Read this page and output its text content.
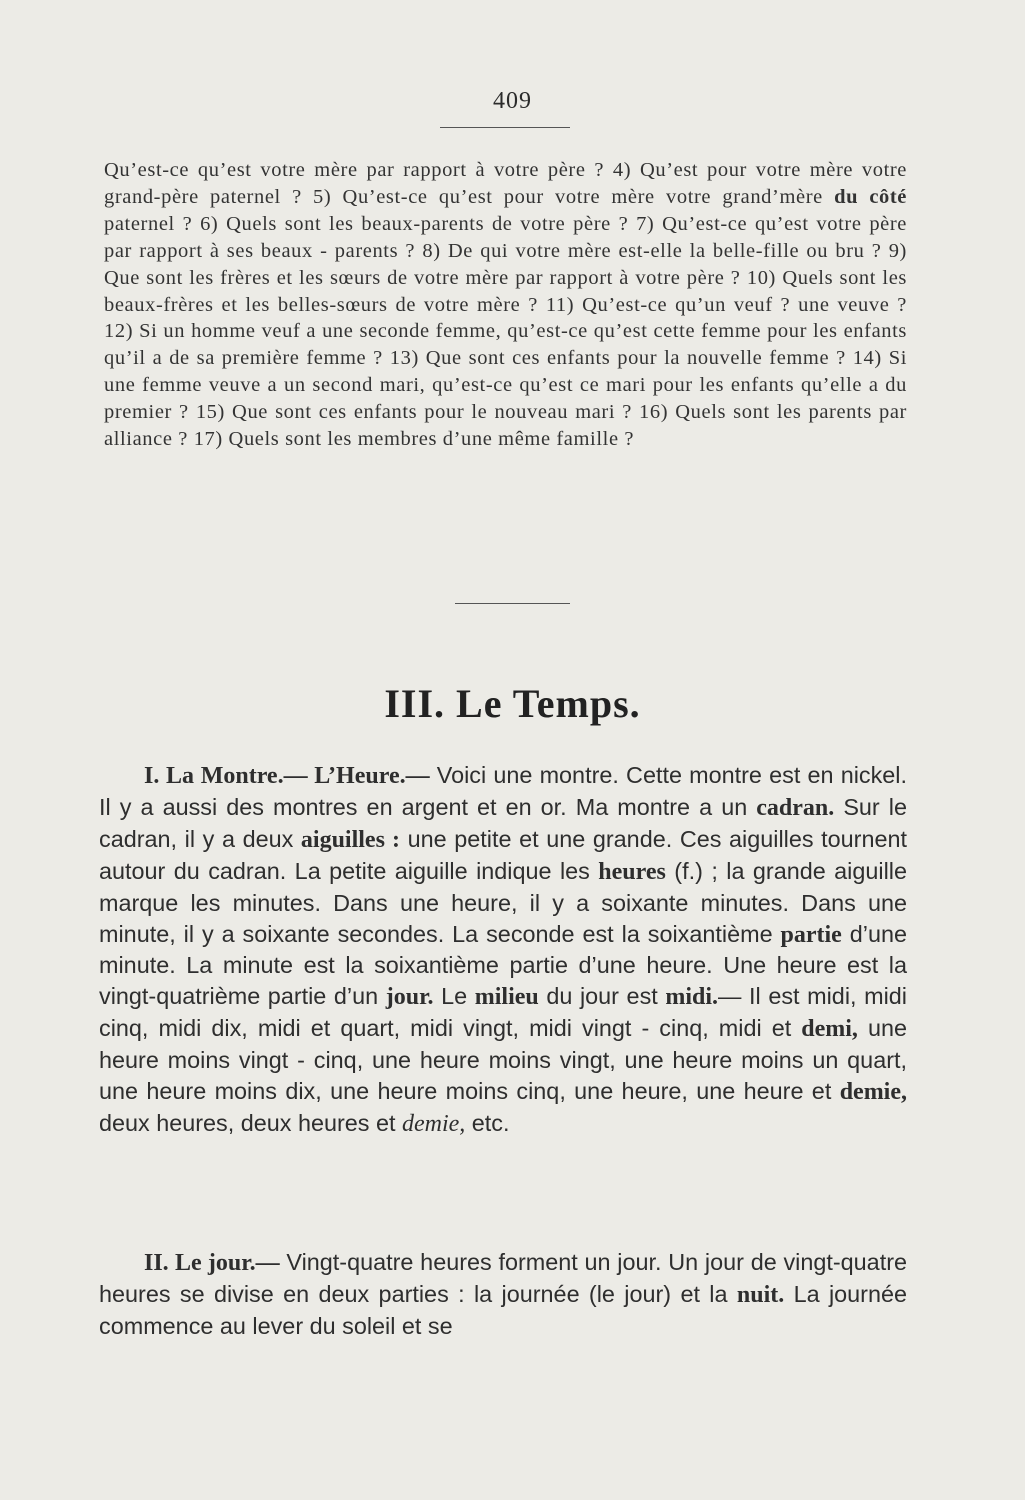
409

Qu’est-ce qu’est votre mère par rapport à votre père ? 4) Qu’est pour votre mère votre grand-père paternel ? 5) Qu’est-ce qu’est pour votre mère votre grand’mère du côté paternel ? 6) Quels sont les beaux-parents de votre père ? 7) Qu’est-ce qu’est votre père par rapport à ses beaux - parents ? 8) De qui votre mère est-elle la belle-fille ou bru ? 9) Que sont les frères et les sœurs de votre mère par rapport à votre père ? 10) Quels sont les beaux-frères et les belles-sœurs de votre mère ? 11) Qu’est-ce qu’un veuf ? une veuve ? 12) Si un homme veuf a une seconde femme, qu’est-ce qu’est cette femme pour les enfants qu’il a de sa première femme ? 13) Que sont ces enfants pour la nouvelle femme ? 14) Si une femme veuve a un second mari, qu’est-ce qu’est ce mari pour les enfants qu’elle a du premier ? 15) Que sont ces enfants pour le nouveau mari ? 16) Quels sont les parents par alliance ? 17) Quels sont les membres d’une même famille ?

III. Le Temps.

I. La Montre.— L’Heure.— Voici une montre. Cette montre est en nickel. Il y a aussi des montres en argent et en or. Ma montre a un cadran. Sur le cadran, il y a deux aiguilles : une petite et une grande. Ces aiguilles tournent autour du cadran. La petite aiguille indique les heures (f.) ; la grande aiguille marque les minutes. Dans une heure, il y a soixante minutes. Dans une minute, il y a soixante secondes. La seconde est la soixantième partie d’une minute. La minute est la soixantième partie d’une heure. Une heure est la vingt-quatrième partie d’un jour. Le milieu du jour est midi.— Il est midi, midi cinq, midi dix, midi et quart, midi vingt, midi vingt - cinq, midi et demi, une heure moins vingt - cinq, une heure moins vingt, une heure moins un quart, une heure moins dix, une heure moins cinq, une heure, une heure et demie, deux heures, deux heures et demie, etc.

II. Le jour.— Vingt-quatre heures forment un jour. Un jour de vingt-quatre heures se divise en deux parties : la journée (le jour) et la nuit. La journée commence au lever du soleil et se
